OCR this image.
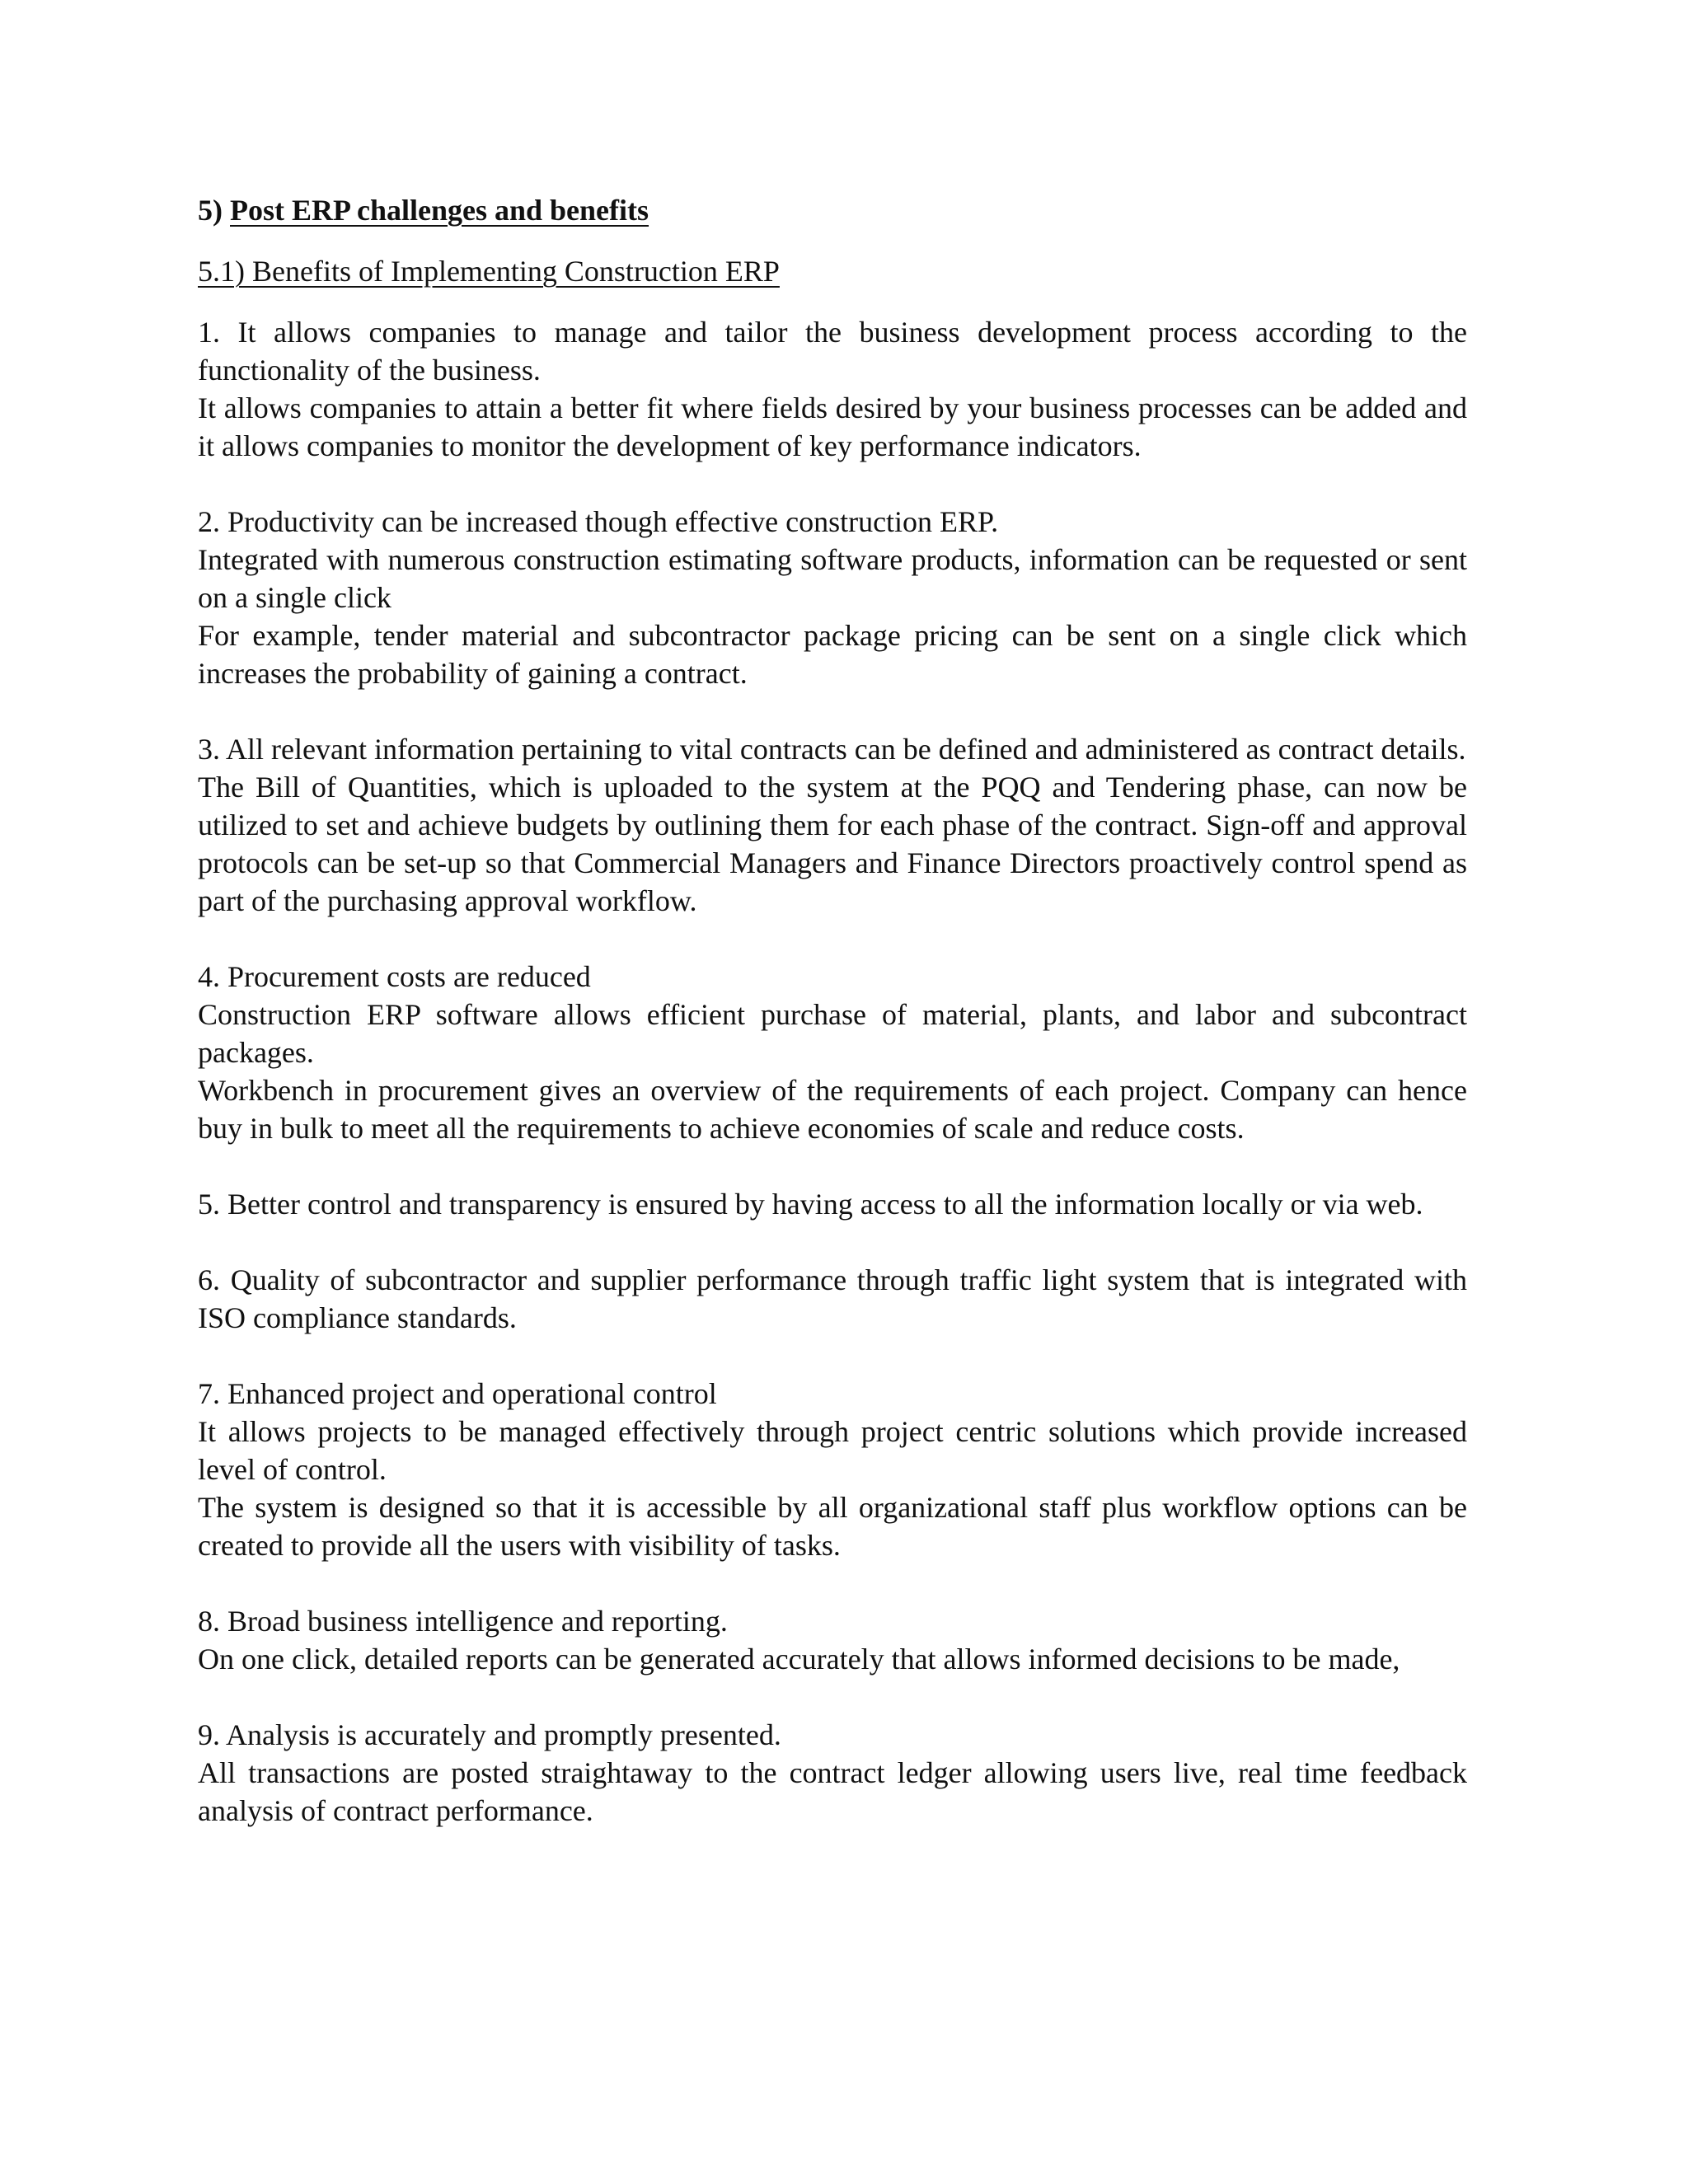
5) Post ERP challenges and benefits
5.1) Benefits of Implementing Construction ERP

1. It allows companies to manage and tailor the business development process according to the functionality of the business.

It allows companies to attain a better fit where fields desired by your business processes can be added and it allows companies to monitor the development of key performance indicators.

2. Productivity can be increased though effective construction ERP.

Integrated with numerous construction estimating software products, information can be requested or sent on a single click

For example, tender material and subcontractor package pricing can be sent on a single click which increases the probability of gaining a contract.

3. All relevant information pertaining to vital contracts can be defined and administered as contract details.

The Bill of Quantities, which is uploaded to the system at the PQQ and Tendering phase, can now be utilized to set and achieve budgets by outlining them for each phase of the contract. Sign-off and approval protocols can be set-up so that Commercial Managers and Finance Directors proactively control spend as part of the purchasing approval workflow.

4. Procurement costs are reduced

Construction ERP software allows efficient purchase of material, plants, and labor and subcontract packages.

Workbench in procurement gives an overview of the requirements of each project. Company can hence buy in bulk to meet all the requirements to achieve economies of scale and reduce costs.

5. Better control and transparency is ensured by having access to all the information locally or via web.

6. Quality of subcontractor and supplier performance through traffic light system that is integrated with ISO compliance standards.

7. Enhanced project and operational control

It allows projects to be managed effectively through project centric solutions which provide increased level of control.

The system is designed so that it is accessible by all organizational staff plus workflow options can be created to provide all the users with visibility of tasks.

8. Broad business intelligence and reporting.

On one click, detailed reports can be generated accurately that allows informed decisions to be made,

9. Analysis is accurately and promptly presented.

All transactions are posted straightaway to the contract ledger allowing users live, real time feedback analysis of contract performance.
